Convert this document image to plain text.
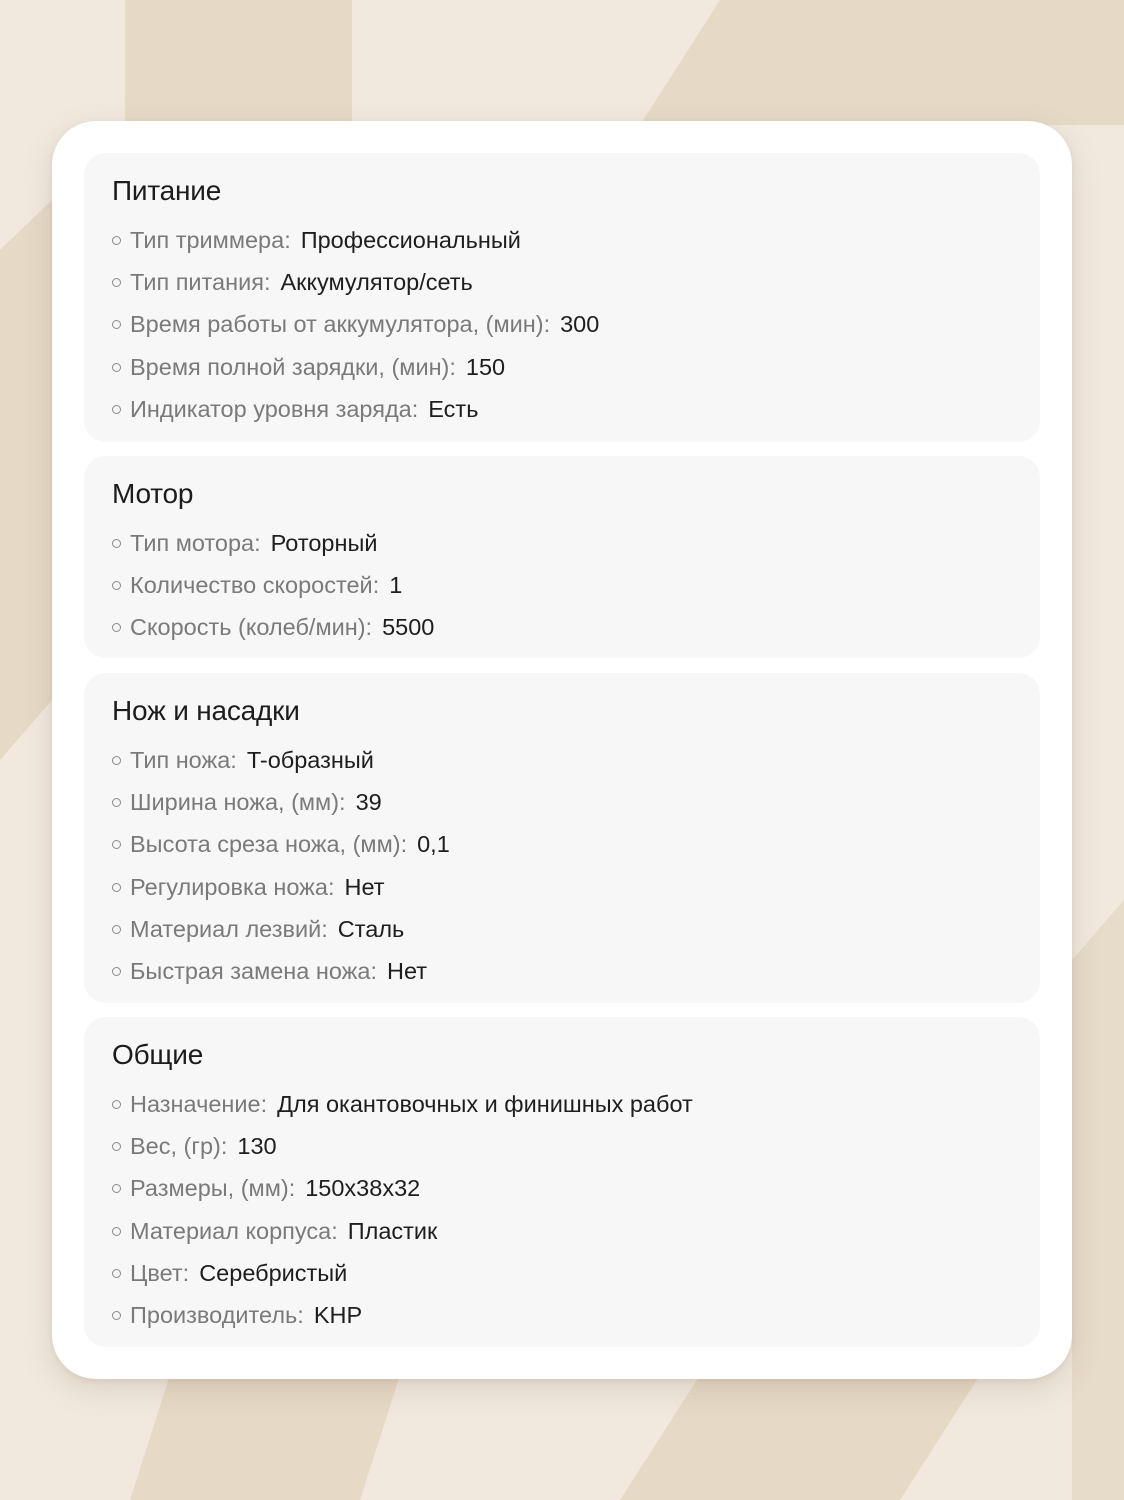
Питание
Тип триммера : Профессиональный
Тип питания : Аккумулятор/сеть
Время работы от аккумулятора, (мин) : 300
Время полной зарядки, (мин) : 150
Индикатор уровня заряда : Есть
Мотор
Тип мотора : Роторный
Количество скоростей : 1
Скорость (колеб/мин) : 5500
Нож и насадки
Тип ножа : T-образный
Ширина ножа, (мм) : 39
Высота среза ножа, (мм) : 0,1
Регулировка ножа : Нет
Материал лезвий : Сталь
Быстрая замена ножа : Нет
Общие
Назначение : Для окантовочных и финишных работ
Вес, (гр) : 130
Размеры, (мм) : 150x38x32
Материал корпуса : Пластик
Цвет : Серебристый
Производитель : KHP
